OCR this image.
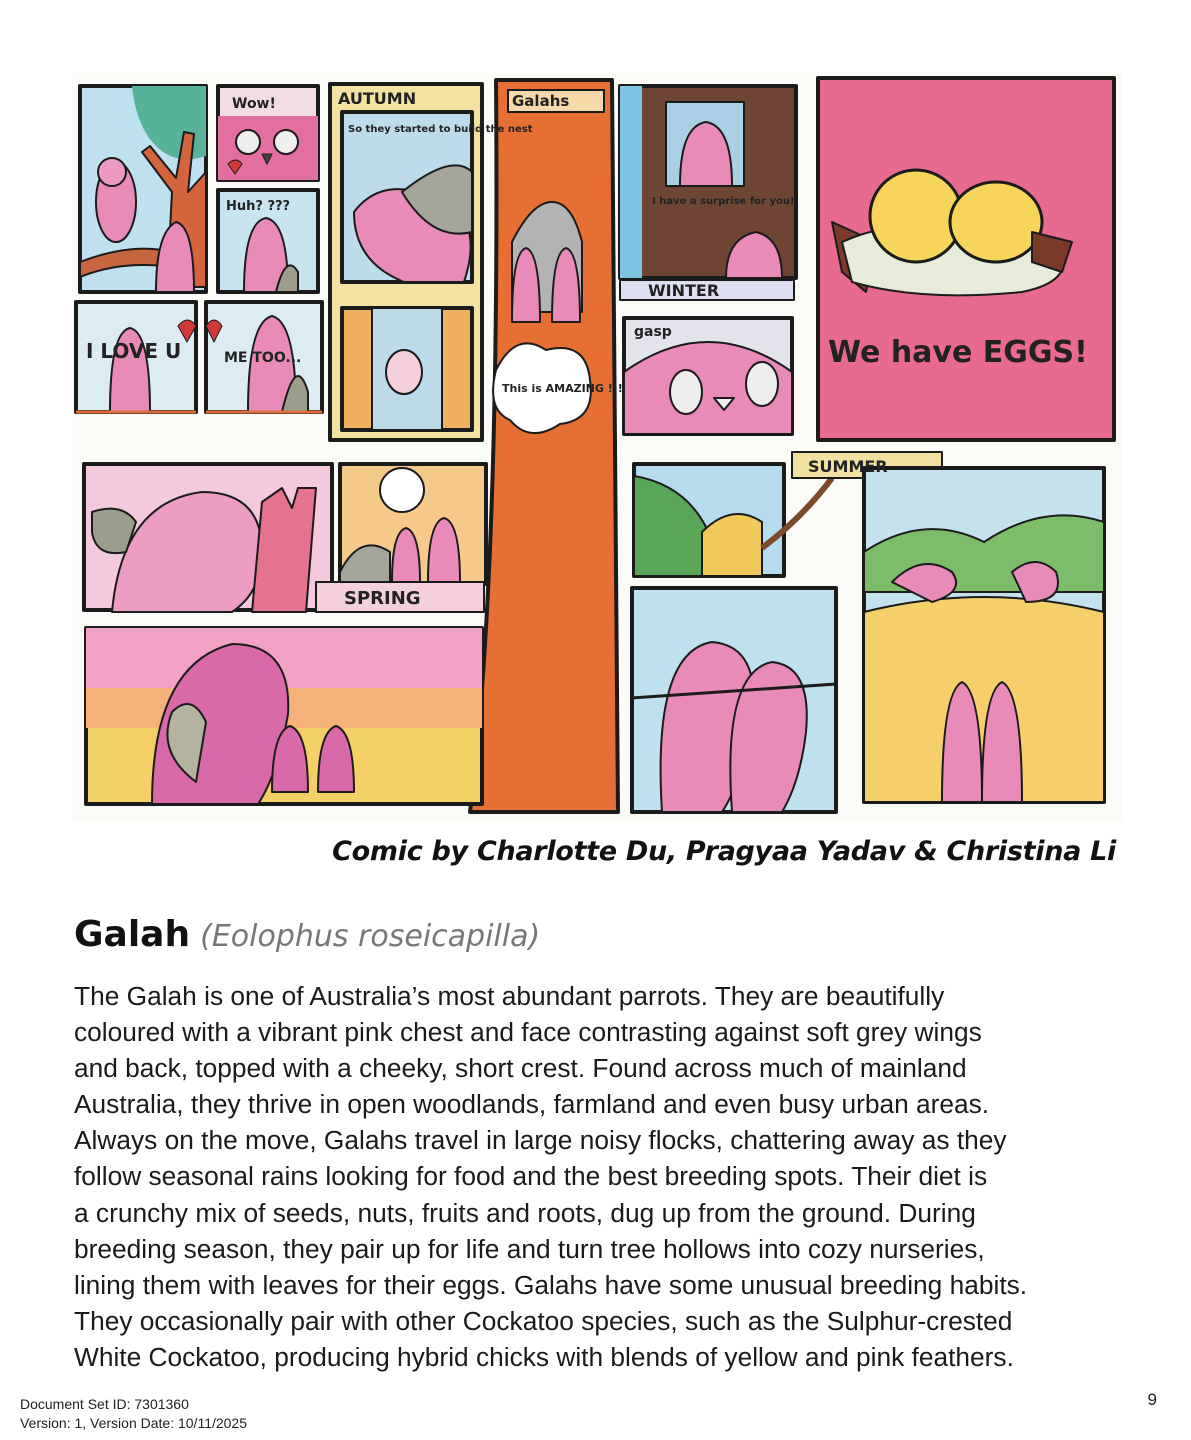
Wow!
Huh? ???
I LOVE U	ME TOO...
AUTUMN
So they started to build the nest
Galahs
This is AMAZING !!!
I have a surprise for you!
WINTER
gasp
We have EGGS!
SPRING
SUMMER
Comic by Charlotte Du, Pragyaa Yadav & Christina Li
Galah (Eolophus roseicapilla)
The Galah is one of Australia’s most abundant parrots. They are beautifully
coloured with a vibrant pink chest and face contrasting against soft grey wings
and back, topped with a cheeky, short crest. Found across much of mainland
Australia, they thrive in open woodlands, farmland and even busy urban areas.
Always on the move, Galahs travel in large noisy flocks, chattering away as they
follow seasonal rains looking for food and the best breeding spots. Their diet is
a crunchy mix of seeds, nuts, fruits and roots, dug up from the ground. During
breeding season, they pair up for life and turn tree hollows into cozy nurseries,
lining them with leaves for their eggs. Galahs have some unusual breeding habits.
They occasionally pair with other Cockatoo species, such as the Sulphur-crested
White Cockatoo, producing hybrid chicks with blends of yellow and pink feathers.
Document Set ID: 7301360
Version: 1, Version Date: 10/11/2025
9
